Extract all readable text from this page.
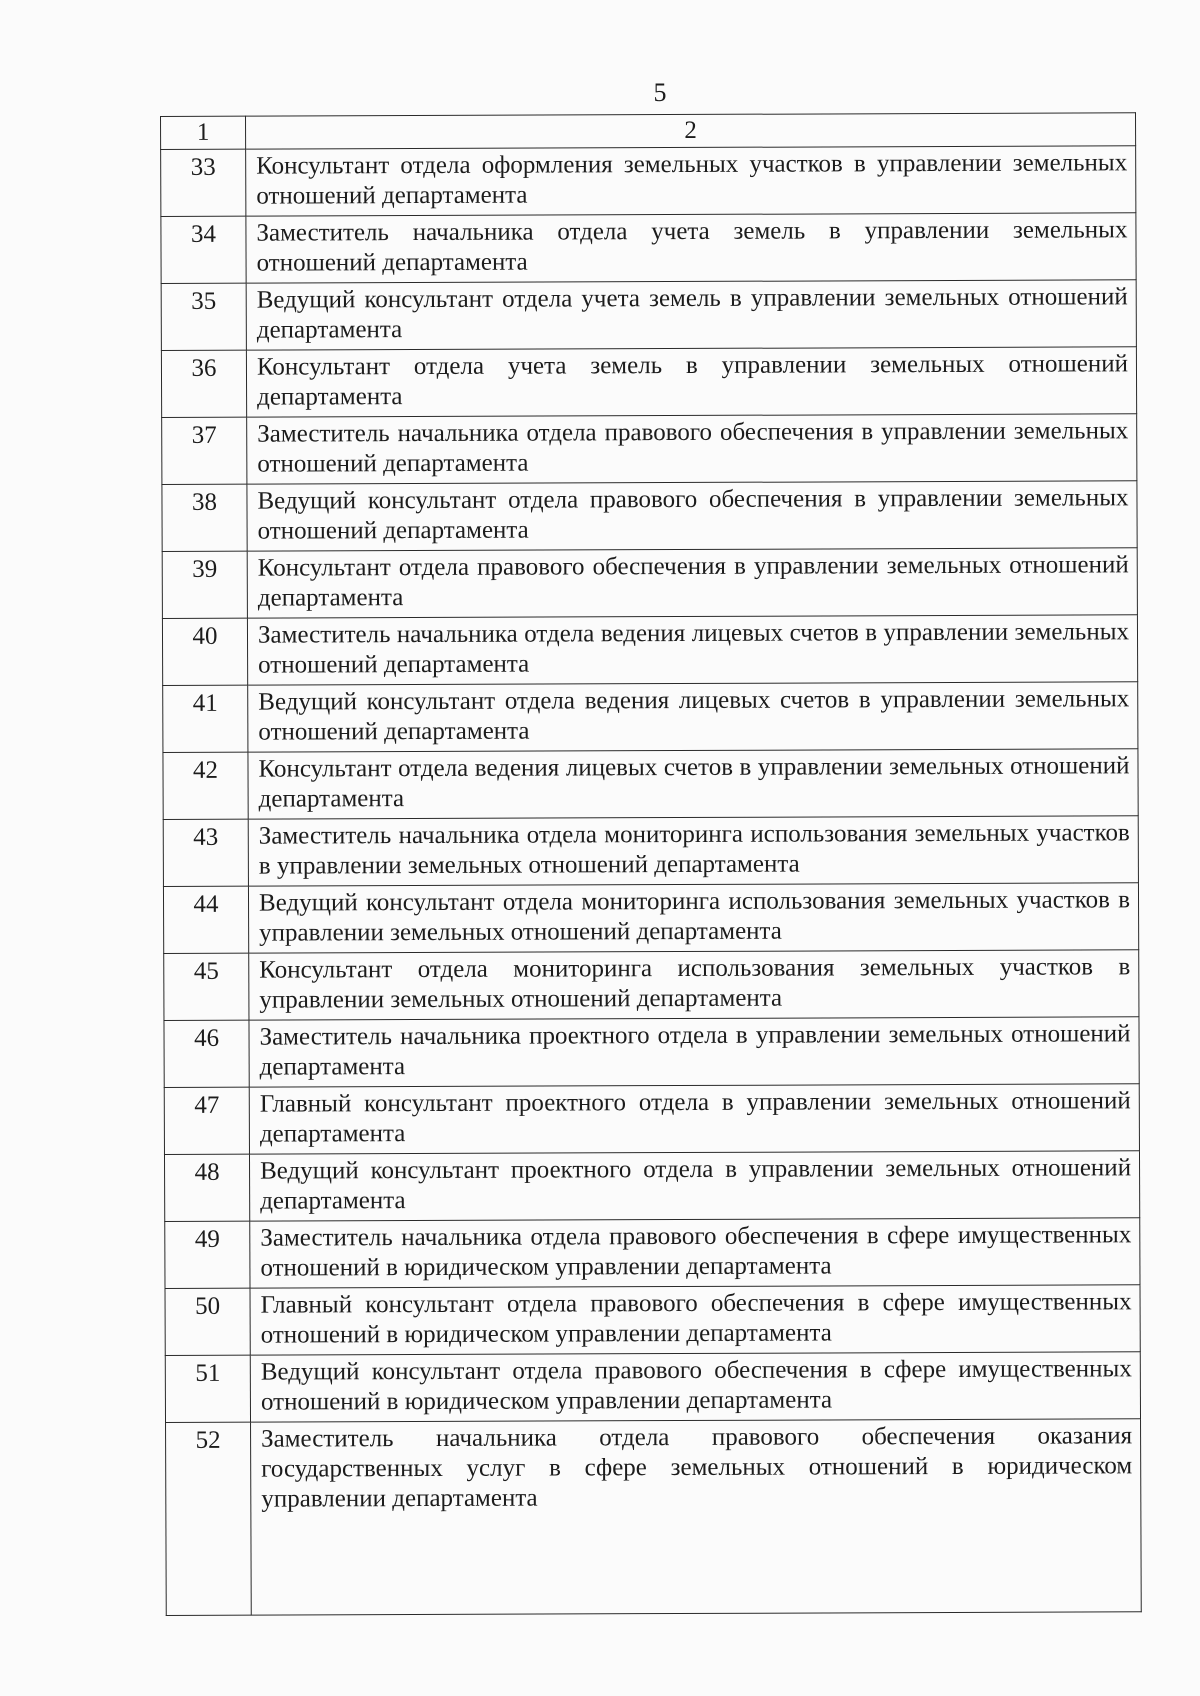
5
1	2
33	Консультант отдела оформления земельных участков в управлении земельных отношений департамента
34	Заместитель начальника отдела учета земель в управлении земельных отношений департамента
35	Ведущий консультант отдела учета земель в управлении земельных отношений департамента
36	Консультант отдела учета земель в управлении земельных отношений департамента
37	Заместитель начальника отдела правового обеспечения в управлении земельных отношений департамента
38	Ведущий консультант отдела правового обеспечения в управлении земельных отношений департамента
39	Консультант отдела правового обеспечения в управлении земельных отношений департамента
40	Заместитель начальника отдела ведения лицевых счетов в управлении земельных отношений департамента
41	Ведущий консультант отдела ведения лицевых счетов в управлении земельных отношений департамента
42	Консультант отдела ведения лицевых счетов в управлении земельных отношений департамента
43	Заместитель начальника отдела мониторинга использования земельных участков в управлении земельных отношений департамента
44	Ведущий консультант отдела мониторинга использования земельных участков в управлении земельных отношений департамента
45	Консультант отдела мониторинга использования земельных участков в управлении земельных отношений департамента
46	Заместитель начальника проектного отдела в управлении земельных отношений департамента
47	Главный консультант проектного отдела в управлении земельных отношений департамента
48	Ведущий консультант проектного отдела в управлении земельных отношений департамента
49	Заместитель начальника отдела правового обеспечения в сфере имущественных отношений в юридическом управлении департамента
50	Главный консультант отдела правового обеспечения в сфере имущественных отношений в юридическом управлении департамента
51	Ведущий консультант отдела правового обеспечения в сфере имущественных отношений в юридическом управлении департамента
52	Заместитель начальника отдела правового обеспечения оказания государственных услуг в сфере земельных отношений в юридическом управлении департамента
